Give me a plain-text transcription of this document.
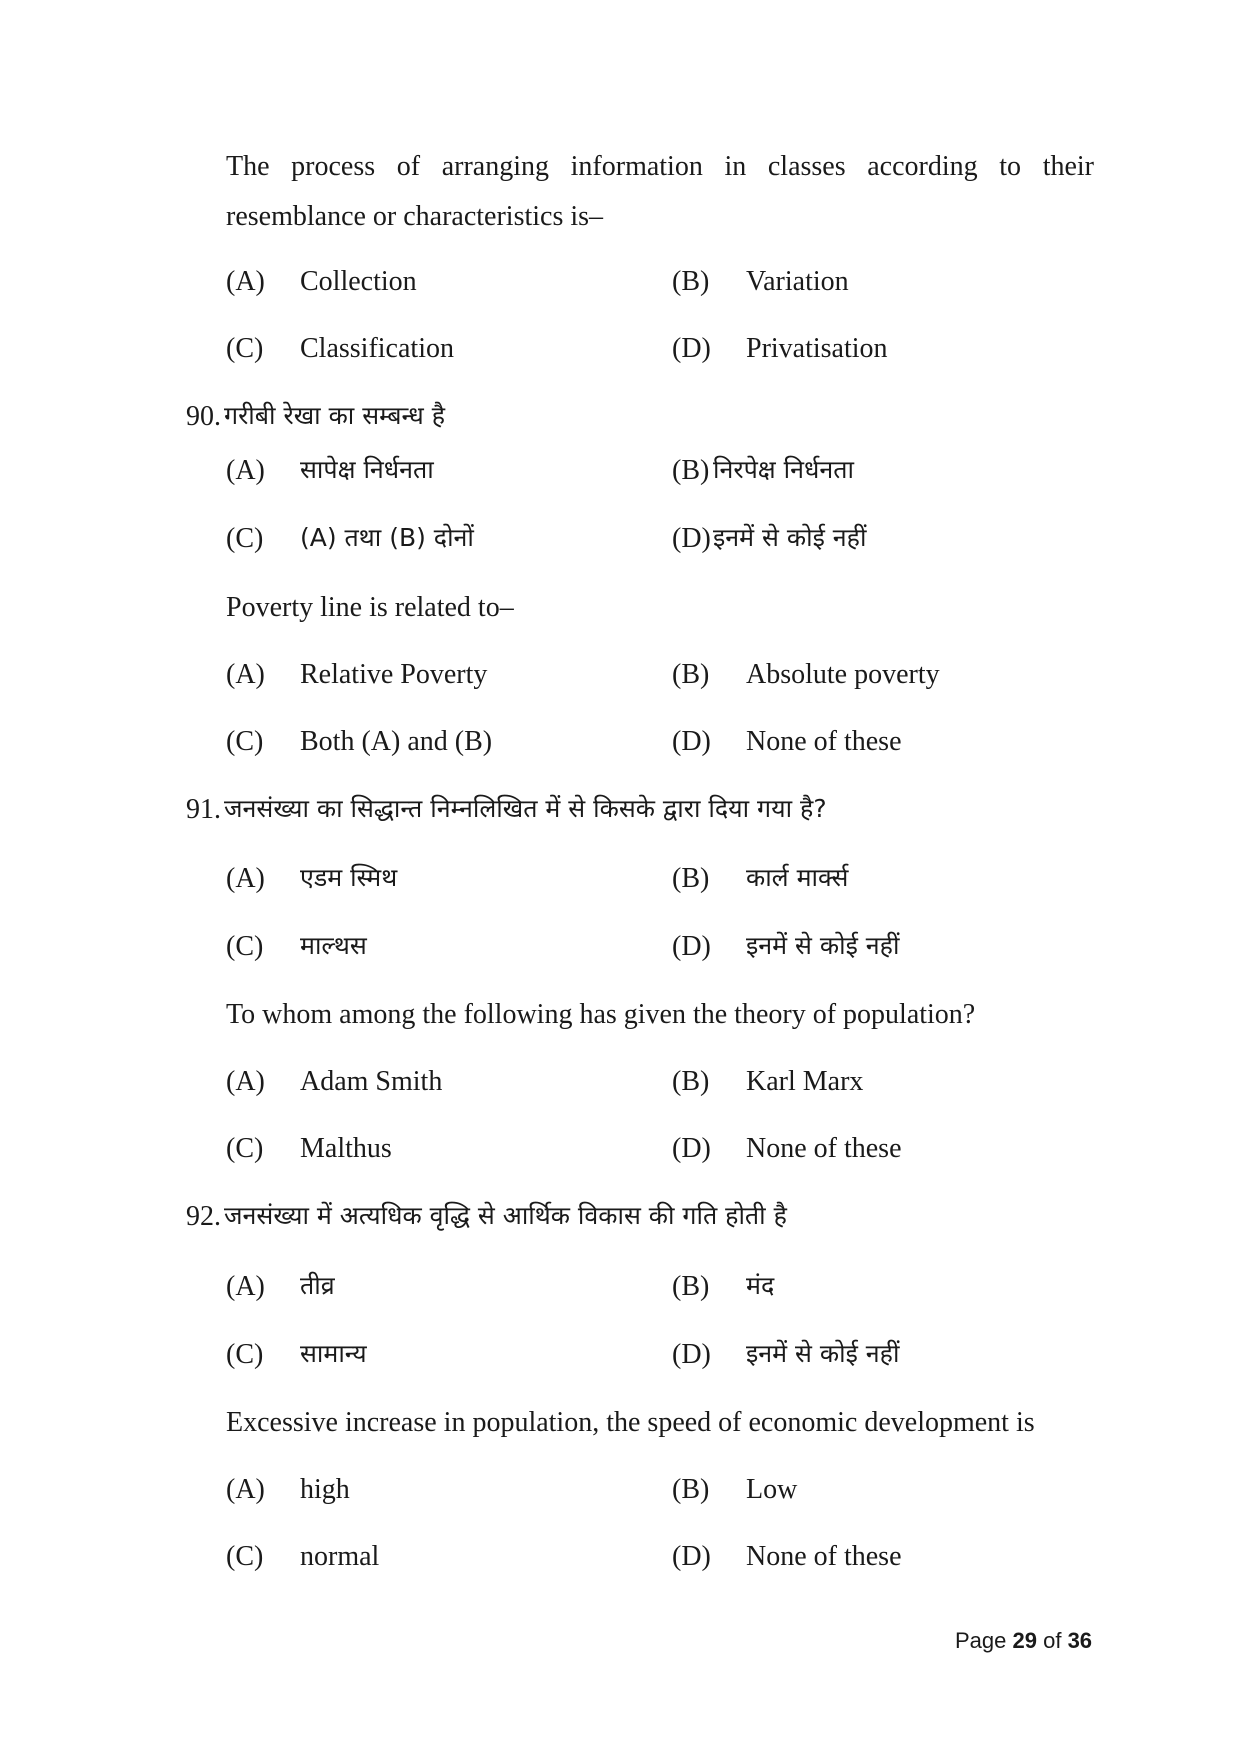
The process of arranging information in classes according to their resemblance or characteristics is–
(A) Collection	(B) Variation
(C) Classification	(D) Privatisation
90. गरीबी रेखा का सम्बन्ध है
(A) सापेक्ष निर्धनता	(B) निरपेक्ष निर्धनता
(C) (A) तथा (B) दोनों	(D) इनमें से कोई नहीं
Poverty line is related to–
(A) Relative Poverty	(B) Absolute poverty
(C) Both (A) and (B)	(D) None of these
91. जनसंख्या का सिद्धान्त निम्नलिखित में से किसके द्वारा दिया गया है?
(A) एडम स्मिथ	(B) कार्ल मार्क्स
(C) माल्थस	(D) इनमें से कोई नहीं
To whom among the following has given the theory of population?
(A) Adam Smith	(B) Karl Marx
(C) Malthus	(D) None of these
92. जनसंख्या में अत्यधिक वृद्धि से आर्थिक विकास की गति होती है
(A) तीव्र	(B) मंद
(C) सामान्य	(D) इनमें से कोई नहीं
Excessive increase in population, the speed of economic development is
(A) high	(B) Low
(C) normal	(D) None of these
Page 29 of 36
